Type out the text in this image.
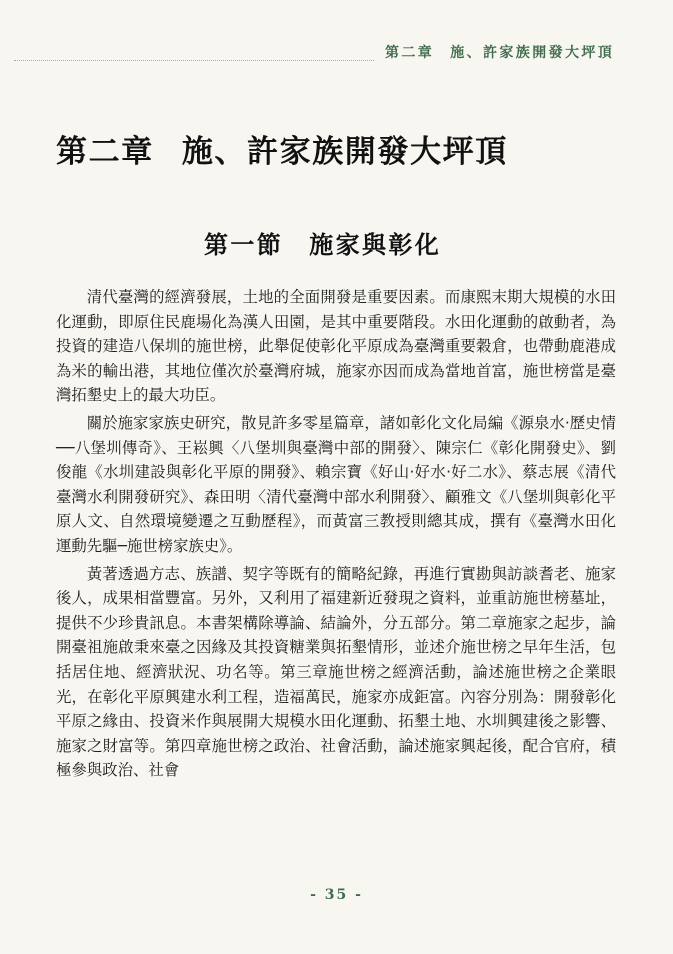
第二章 施、許家族開發大坪頂
第二章 施、許家族開發大坪頂
第一節 施家與彰化

清代臺灣的經濟發展，土地的全面開發是重要因素。而康熙末期大規模的水田化運動，即原住民鹿場化為漢人田園，是其中重要階段。水田化運動的啟動者，為投資的建造八保圳的施世榜，此舉促使彰化平原成為臺灣重要穀倉，也帶動鹿港成為米的輸出港，其地位僅次於臺灣府城，施家亦因而成為當地首富，施世榜當是臺灣拓墾史上的最大功臣。

關於施家家族史研究，散見許多零星篇章，諸如彰化文化局編《源泉水‧歷史情──八堡圳傳奇》、王崧興〈八堡圳與臺灣中部的開發〉、陳宗仁《彰化開發史》、劉俊龍《水圳建設與彰化平原的開發》、賴宗寶《好山‧好水‧好二水》、蔡志展《清代臺灣水利開發研究》、森田明〈清代臺灣中部水利開發〉、顧雅文《八堡圳與彰化平原人文、自然環境變遷之互動歷程》，而黃富三教授則總其成，撰有《臺灣水田化運動先驅─施世榜家族史》。

黃著透過方志、族譜、契字等既有的簡略紀錄，再進行實勘與訪談耆老、施家後人，成果相當豐富。另外，又利用了福建新近發現之資料，並重訪施世榜墓址，提供不少珍貴訊息。本書架構除導論、結論外，分五部分。第二章施家之起步，論開臺祖施啟秉來臺之因緣及其投資糖業與拓墾情形，並述介施世榜之早年生活，包括居住地、經濟狀況、功名等。第三章施世榜之經濟活動，論述施世榜之企業眼光，在彰化平原興建水利工程，造福萬民，施家亦成鉅富。內容分別為：開發彰化平原之緣由、投資米作與展開大規模水田化運動、拓墾土地、水圳興建後之影響、施家之財富等。第四章施世榜之政治、社會活動，論述施家興起後，配合官府，積極參與政治、社會

- 35 -
